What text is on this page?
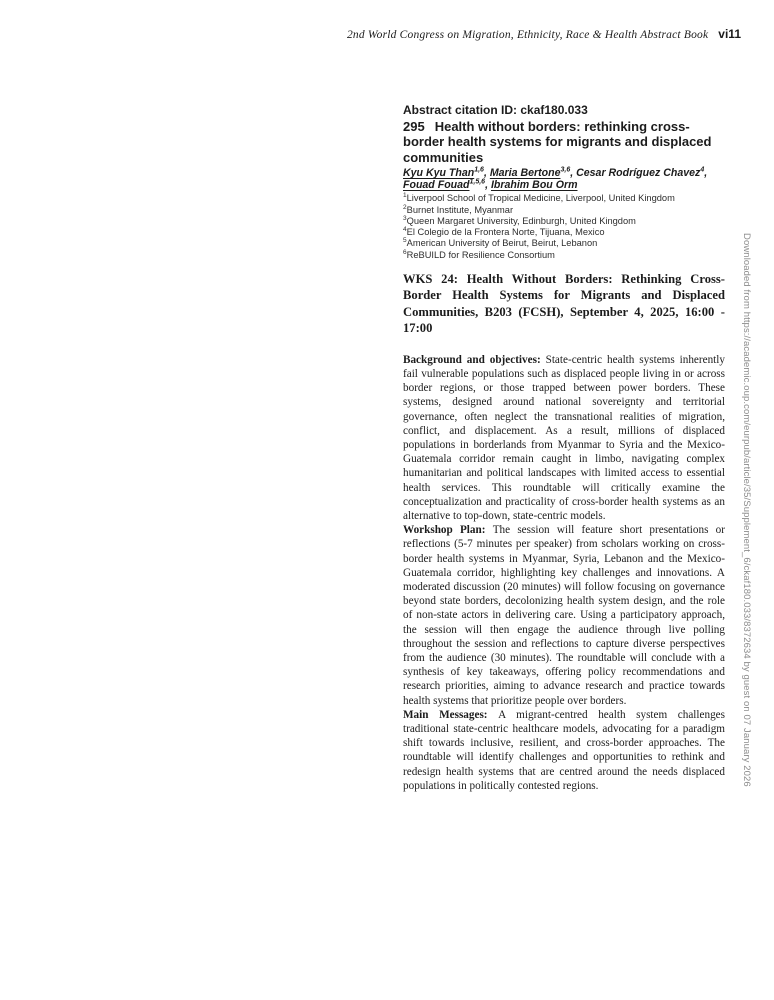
2nd World Congress on Migration, Ethnicity, Race & Health Abstract Book vi11
Abstract citation ID: ckaf180.033
295 Health without borders: rethinking cross-border health systems for migrants and displaced communities
Kyu Kyu Than$^{1,6}$, Maria Bertone$^{3,6}$, Cesar Rodríguez Chavez$^4$, Fouad Fouad$^{1,5,6}$, Ibrahim Bou Orm
$^1$Liverpool School of Tropical Medicine, Liverpool, United Kingdom
$^2$Burnet Institute, Myanmar
$^3$Queen Margaret University, Edinburgh, United Kingdom
$^4$El Colegio de la Frontera Norte, Tijuana, Mexico
$^5$American University of Beirut, Beirut, Lebanon
$^6$ReBUILD for Resilience Consortium
WKS 24: Health Without Borders: Rethinking Cross-Border Health Systems for Migrants and Displaced Communities, B203 (FCSH), September 4, 2025, 16:00 - 17:00

Background and objectives: State-centric health systems inherently fail vulnerable populations such as displaced people living in or across border regions, or those trapped between power borders. These systems, designed around national sovereignty and territorial governance, often neglect the transnational realities of migration, conflict, and displacement. As a result, millions of displaced populations in borderlands from Myanmar to Syria and the Mexico-Guatemala corridor remain caught in limbo, navigating complex humanitarian and political landscapes with limited access to essential health services. This roundtable will critically examine the conceptualization and practicality of cross-border health systems as an alternative to top-down, state-centric models.

Workshop Plan: The session will feature short presentations or reflections (5-7 minutes per speaker) from scholars working on cross-border health systems in Myanmar, Syria, Lebanon and the Mexico-Guatemala corridor, highlighting key challenges and innovations. A moderated discussion (20 minutes) will follow focusing on governance beyond state borders, decolonizing health system design, and the role of non-state actors in delivering care. Using a participatory approach, the session will then engage the audience through live polling throughout the session and reflections to capture diverse perspectives from the audience (30 minutes). The roundtable will conclude with a synthesis of key takeaways, offering policy recommendations and research priorities, aiming to advance research and practice towards health systems that prioritize people over borders.

Main Messages: A migrant-centred health system challenges traditional state-centric healthcare models, advocating for a paradigm shift towards inclusive, resilient, and cross-border approaches. The roundtable will identify challenges and opportunities to rethink and redesign health systems that are centred around the needs displaced populations in politically contested regions.	Downloaded from https://academic.oup.com/eurpub/article/35/Supplement_6/ckaf180.033/8372634 by guest on 07 January 2026
